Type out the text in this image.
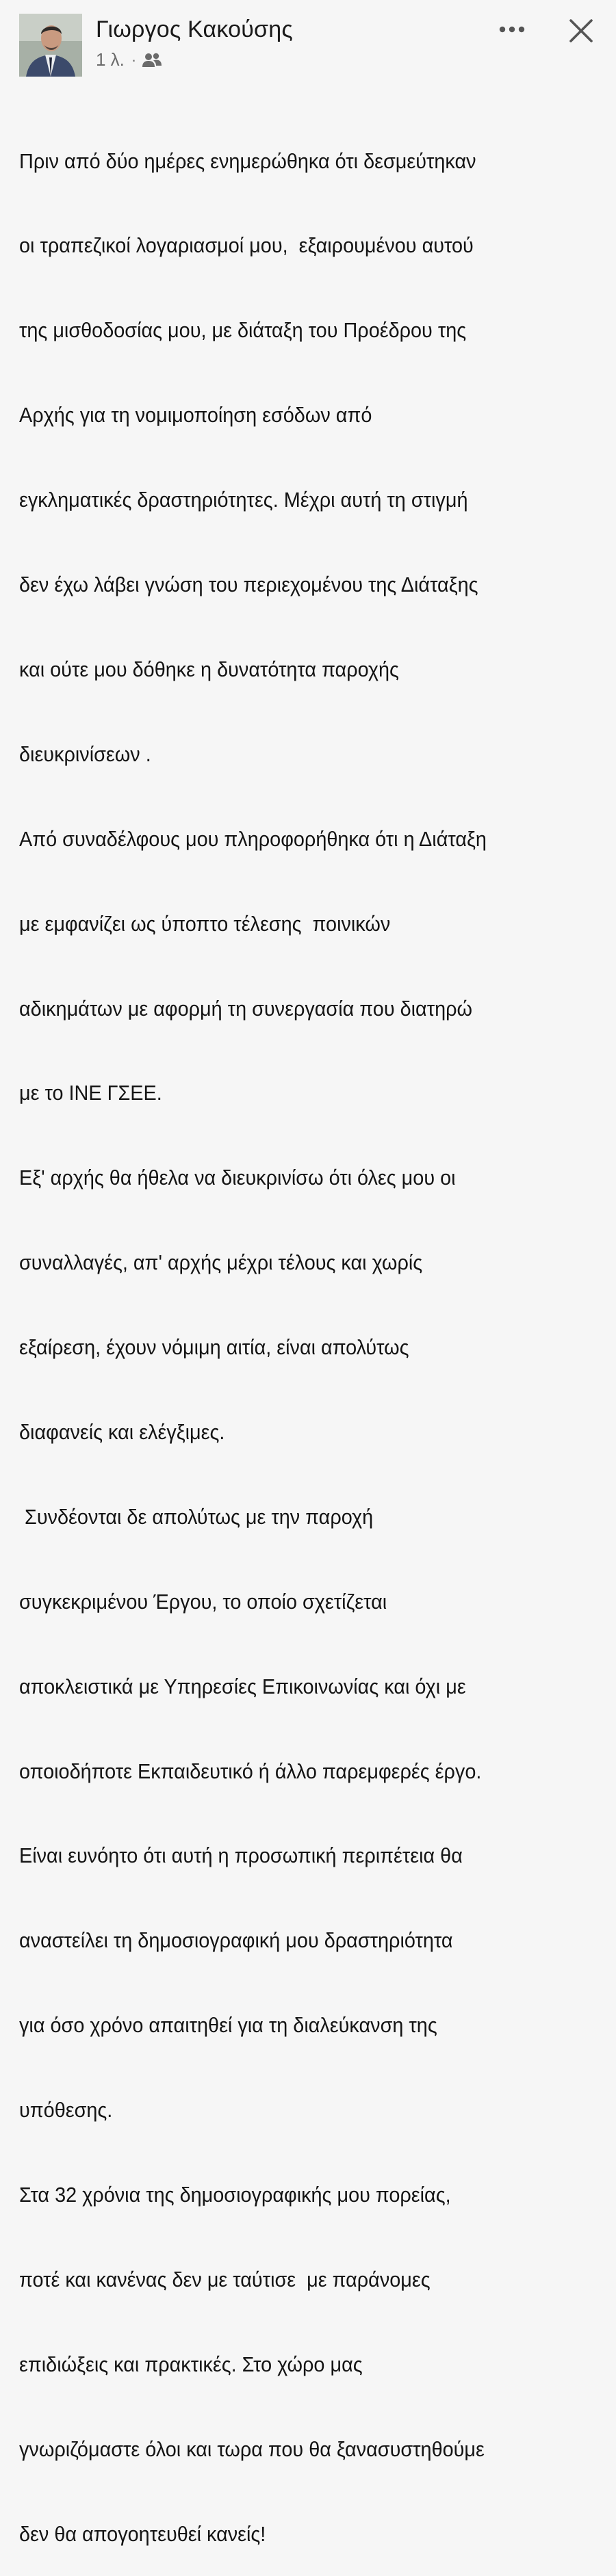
Γιωργος Κακούσης
1 λ. ·

Πριν από δύο ημέρες ενημερώθηκα ότι δεσμεύτηκαν

οι τραπεζικοί λογαριασμοί μου,  εξαιρουμένου αυτού

της μισθοδοσίας μου, με διάταξη του Προέδρου της

Αρχής για τη νομιμοποίηση εσόδων από

εγκληματικές δραστηριότητες. Μέχρι αυτή τη στιγμή

δεν έχω λάβει γνώση του περιεχομένου της Διάταξης

και ούτε μου δόθηκε η δυνατότητα παροχής

διευκρινίσεων .

Από συναδέλφους μου πληροφορήθηκα ότι η Διάταξη

με εμφανίζει ως ύποπτο τέλεσης  ποινικών

αδικημάτων με αφορμή τη συνεργασία που διατηρώ

με το ΙΝΕ ΓΣΕΕ.

Εξ' αρχής θα ήθελα να διευκρινίσω ότι όλες μου οι

συναλλαγές, απ' αρχής μέχρι τέλους και χωρίς

εξαίρεση, έχουν νόμιμη αιτία, είναι απολύτως

διαφανείς και ελέγξιμες.

Συνδέονται δε απολύτως με την παροχή

συγκεκριμένου Έργου, το οποίο σχετίζεται

αποκλειστικά με Υπηρεσίες Επικοινωνίας και όχι με

οποιοδήποτε Εκπαιδευτικό ή άλλο παρεμφερές έργο.

Είναι ευνόητο ότι αυτή η προσωπική περιπέτεια θα

αναστείλει τη δημοσιογραφική μου δραστηριότητα

για όσο χρόνο απαιτηθεί για τη διαλεύκανση της

υπόθεσης.

Στα 32 χρόνια της δημοσιογραφικής μου πορείας,

ποτέ και κανένας δεν με ταύτισε  με παράνομες

επιδιώξεις και πρακτικές. Στο χώρο μας

γνωριζόμαστε όλοι και τωρα που θα ξανασυστηθούμε

δεν θα απογοητευθεί κανείς!
